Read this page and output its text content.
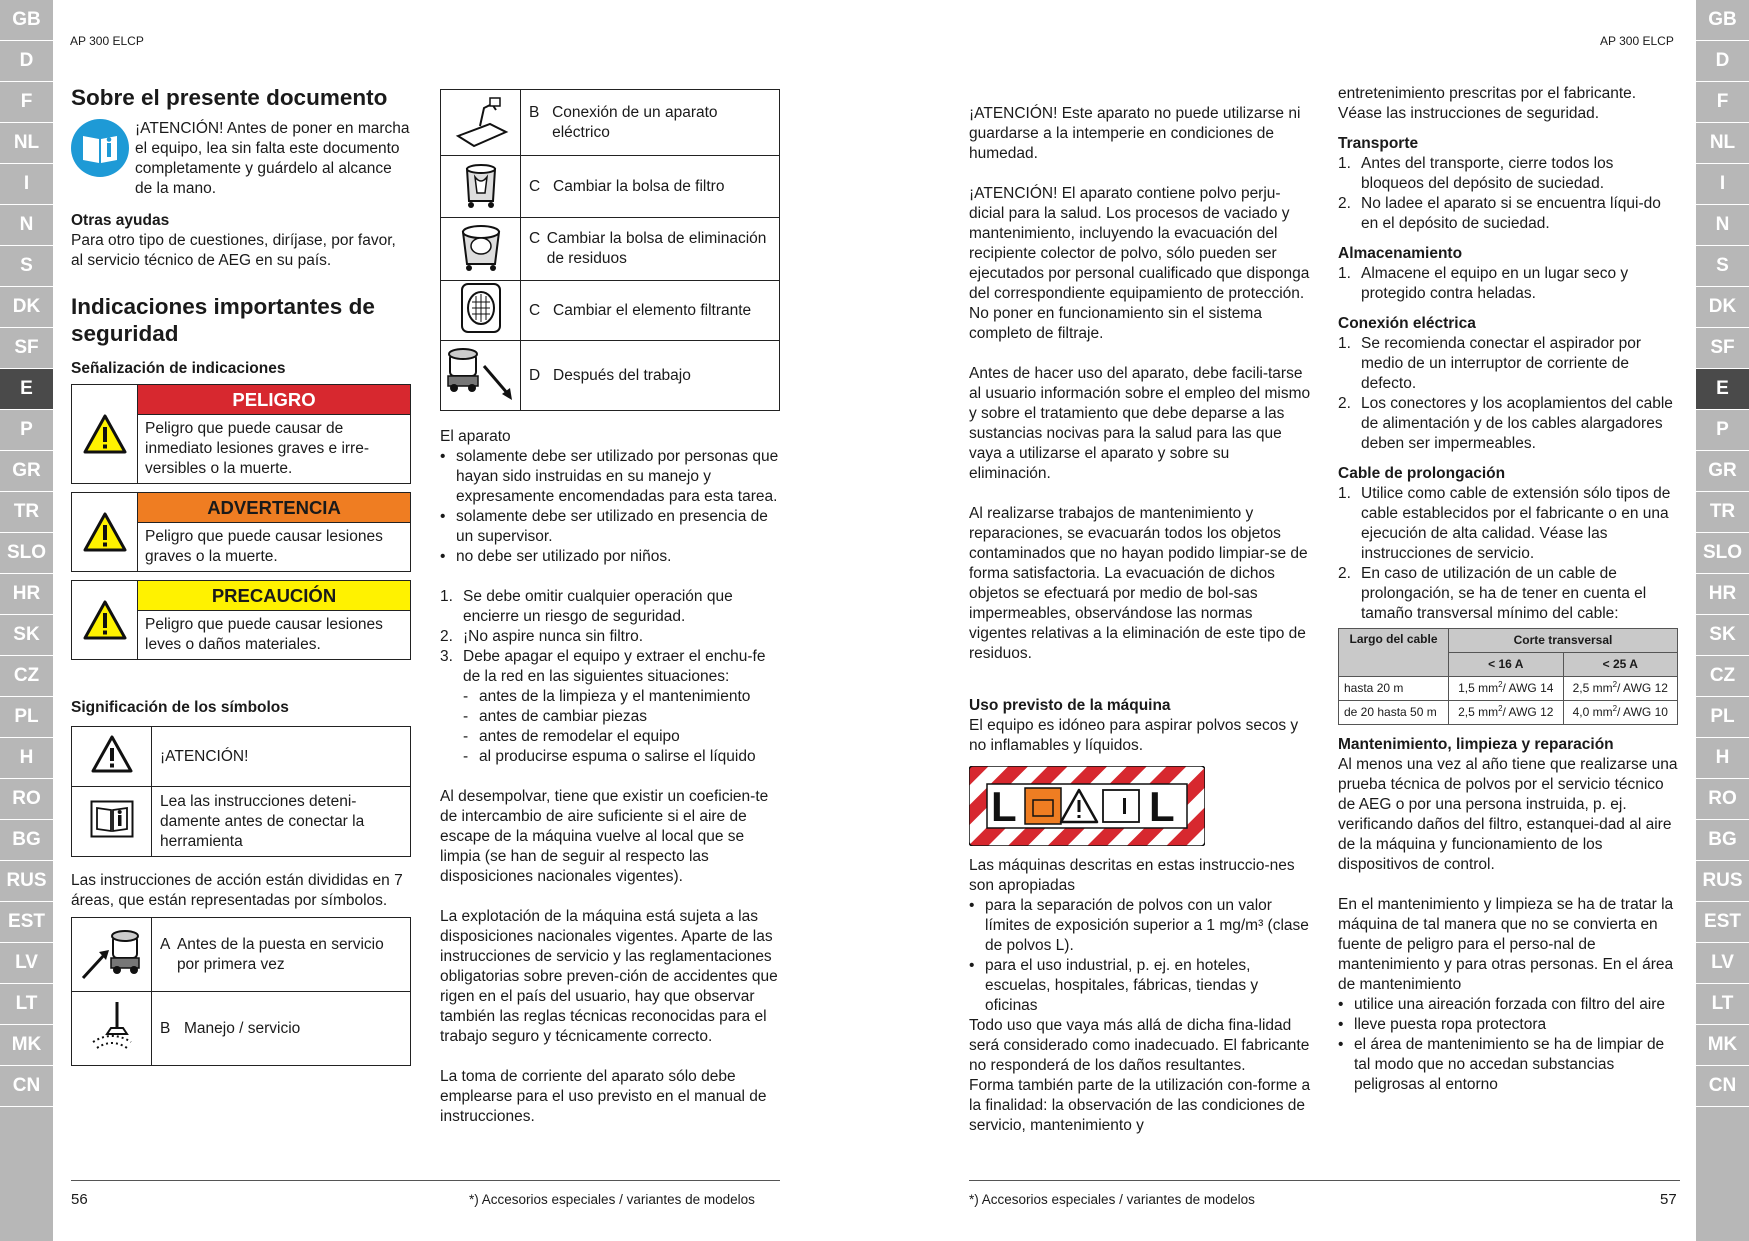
GB
D
F
NL
I
N
S
DK
SF
E
P
GR
TR
SLO
HR
SK
CZ
PL
H
RO
BG
RUS
EST
LV
LT
MK
CN
GB
D
F
NL
I
N
S
DK
SF
E
P
GR
TR
SLO
HR
SK
CZ
PL
H
RO
BG
RUS
EST
LV
LT
MK
CN
AP 300 ELCP	AP 300 ELCP
Sobre el presente documento

¡ATENCIÓN! Antes de poner en marcha el equipo, lea sin falta este documento completamente y guárdelo al alcance de la mano.

Otras ayudas

Para otro tipo de cuestiones, diríjase, por favor, al servicio técnico de AEG en su país.

Indicaciones importantes de seguridad
Señalización de indicaciones
PELIGRO
Peligro que puede causar de inmediato lesiones graves e irre-versibles o la muerte.
ADVERTENCIA
Peligro que puede causar lesiones graves o la muerte.
PRECAUCIÓN
Peligro que puede causar lesiones leves o daños materiales.
Significación de los símbolos
	¡ATENCIÓN!
	Lea las instrucciones deteni-damente antes de conectar la herramienta

Las instrucciones de acción están divididas en 7 áreas, que están representadas por símbolos.

A Antes de la puesta en servicio por primera vez

B Manejo / servicio

B Conexión de un aparato eléctrico

C Cambiar la bolsa de filtro

C Cambiar la bolsa de eliminación de residuos

C Cambiar el elemento filtrante

D Después del trabajo

El aparato

• solamente debe ser utilizado por personas que hayan sido instruidas en su manejo y expresamente encomendadas para esta tarea.
• solamente debe ser utilizado en presencia de un supervisor.
• no debe ser utilizado por niños.
1. Se debe omitir cualquier operación que encierre un riesgo de seguridad.
2. ¡No aspire nunca sin filtro.
3. Debe apagar el equipo y extraer el enchu-fe de la red en las siguientes situaciones:
- antes de la limpieza y el mantenimiento
- antes de cambiar piezas
- antes de remodelar el equipo
- al producirse espuma o salirse el líquido

Al desempolvar, tiene que existir un coeficien-te de intercambio de aire suficiente si el aire de escape de la máquina vuelve al local que se limpia (se han de seguir al respecto las disposiciones nacionales vigentes).

La explotación de la máquina está sujeta a las disposiciones nacionales vigentes. Aparte de las instrucciones de servicio y las reglamentaciones obligatorias sobre preven-ción de accidentes que rigen en el país del usuario, hay que observar también las reglas técnicas reconocidas para el trabajo seguro y técnicamente correcto.

La toma de corriente del aparato sólo debe emplearse para el uso previsto en el manual de instrucciones.

¡ATENCIÓN! Este aparato no puede utilizarse ni guardarse a la intemperie en condiciones de humedad.

¡ATENCIÓN! El aparato contiene polvo perju-dicial para la salud. Los procesos de vaciado y mantenimiento, incluyendo la evacuación del recipiente colector de polvo, sólo pueden ser ejecutados por personal cualificado que disponga del correspondiente equipamiento de protección. No poner en funcionamiento sin el sistema completo de filtraje.

Antes de hacer uso del aparato, debe facili-tarse al usuario información sobre el empleo del mismo y sobre el tratamiento que debe deparse a las sustancias nocivas para la salud para las que vaya a utilizarse el aparato y sobre su eliminación.

Al realizarse trabajos de mantenimiento y reparaciones, se evacuarán todos los objetos contaminados que no hayan podido limpiar-se de forma satisfactoria. La evacuación de dichos objetos se efectuará por medio de bol-sas impermeables, observándose las normas vigentes relativas a la eliminación de este tipo de residuos.

Uso previsto de la máquina

El equipo es idóneo para aspirar polvos secos y no inflamables y líquidos.

L	L

Las máquinas descritas en estas instruccio-nes son apropiadas

• para la separación de polvos con un valor límites de exposición superior a 1 mg/m³ (clase de polvos L).
• para el uso industrial, p. ej. en hoteles, escuelas, hospitales, fábricas, tiendas y oficinas

Todo uso que vaya más allá de dicha fina-lidad será considerado como inadecuado. El fabricante no responderá de los daños resultantes.

Forma también parte de la utilización con-forme a la finalidad: la observación de las condiciones de servicio, mantenimiento y

entretenimiento prescritas por el fabricante. Véase las instrucciones de seguridad.

Transporte
1. Antes del transporte, cierre todos los bloqueos del depósito de suciedad.
2. No ladee el aparato si se encuentra líqui-do en el depósito de suciedad.
Almacenamiento
1. Almacene el equipo en un lugar seco y protegido contra heladas.
Conexión eléctrica
1. Se recomienda conectar el aspirador por medio de un interruptor de corriente de defecto.
2. Los conectores y los acoplamientos del cable de alimentación y de los cables alargadores deben ser impermeables.
Cable de prolongación
1. Utilice como cable de extensión sólo tipos de cable establecidos por el fabricante o en una ejecución de alta calidad. Véase las instrucciones de servicio.
2. En caso de utilización de un cable de prolongación, se ha de tener en cuenta el tamaño transversal mínimo del cable:
Largo del cable	Corte transversal	
	< 16 A	< 25 A
hasta 20 m	1,5 $mm^2/$ AWG 14	2,5 $mm^2/$ AWG 12
de 20 hasta 50 m	2,5 $mm^2/$ AWG 12	4,0 $mm^2/$ AWG 10
Mantenimiento, limpieza y reparación

Al menos una vez al año tiene que realizarse una prueba técnica de polvos por el servicio técnico de AEG o por una persona instruida, p. ej. verificando daños del filtro, estanquei-dad al aire de la máquina y funcionamiento de los dispositivos de control.

En el mantenimiento y limpieza se ha de tratar la máquina de tal manera que no se convierta en fuente de peligro para el perso-nal de mantenimiento y para otras personas. En el área de mantenimiento

• utilice una aireación forzada con filtro del aire
• lleve puesta ropa protectora
• el área de mantenimiento se ha de limpiar de tal modo que no accedan substancias peligrosas al entorno
56	*) Accesorios especiales / variantes de modelos	*) Accesorios especiales / variantes de modelos	57
